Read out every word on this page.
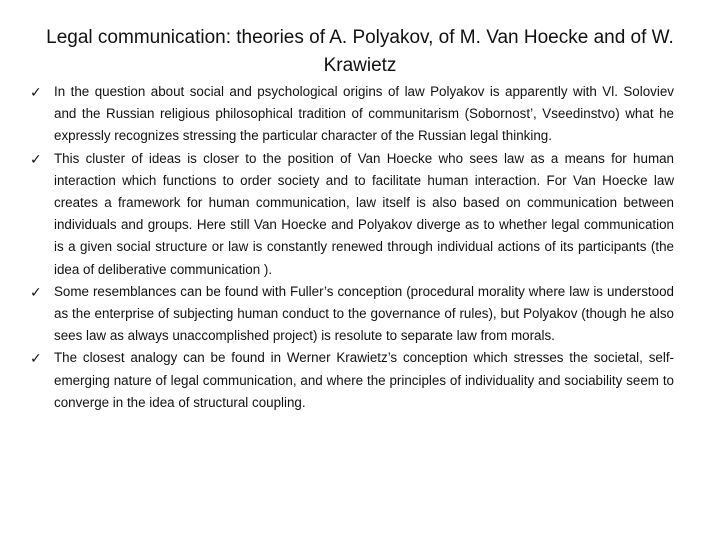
Legal communication: theories of A. Polyakov, of M. Van Hoecke and of W. Krawietz
✓ In the question about social and psychological origins of law Polyakov is apparently with Vl. Soloviev and the Russian religious philosophical tradition of communitarism (Sobornost’, Vseedinstvo) what he expressly recognizes stressing the particular character of the Russian legal thinking.
✓ This cluster of ideas is closer to the position of Van Hoecke who sees law as a means for human interaction which functions to order society and to facilitate human interaction. For Van Hoecke law creates a framework for human communication, law itself is also based on communication between individuals and groups. Here still Van Hoecke and Polyakov diverge as to whether legal communication is a given social structure or law is constantly renewed through individual actions of its participants (the idea of deliberative communication ).
✓ Some resemblances can be found with Fuller’s conception (procedural morality where law is understood as the enterprise of subjecting human conduct to the governance of rules), but Polyakov (though he also sees law as always unaccomplished project) is resolute to separate law from morals.
✓ The closest analogy can be found in Werner Krawietz’s conception which stresses the societal, self-emerging nature of legal communication, and where the principles of individuality and sociability seem to converge in the idea of structural coupling.
